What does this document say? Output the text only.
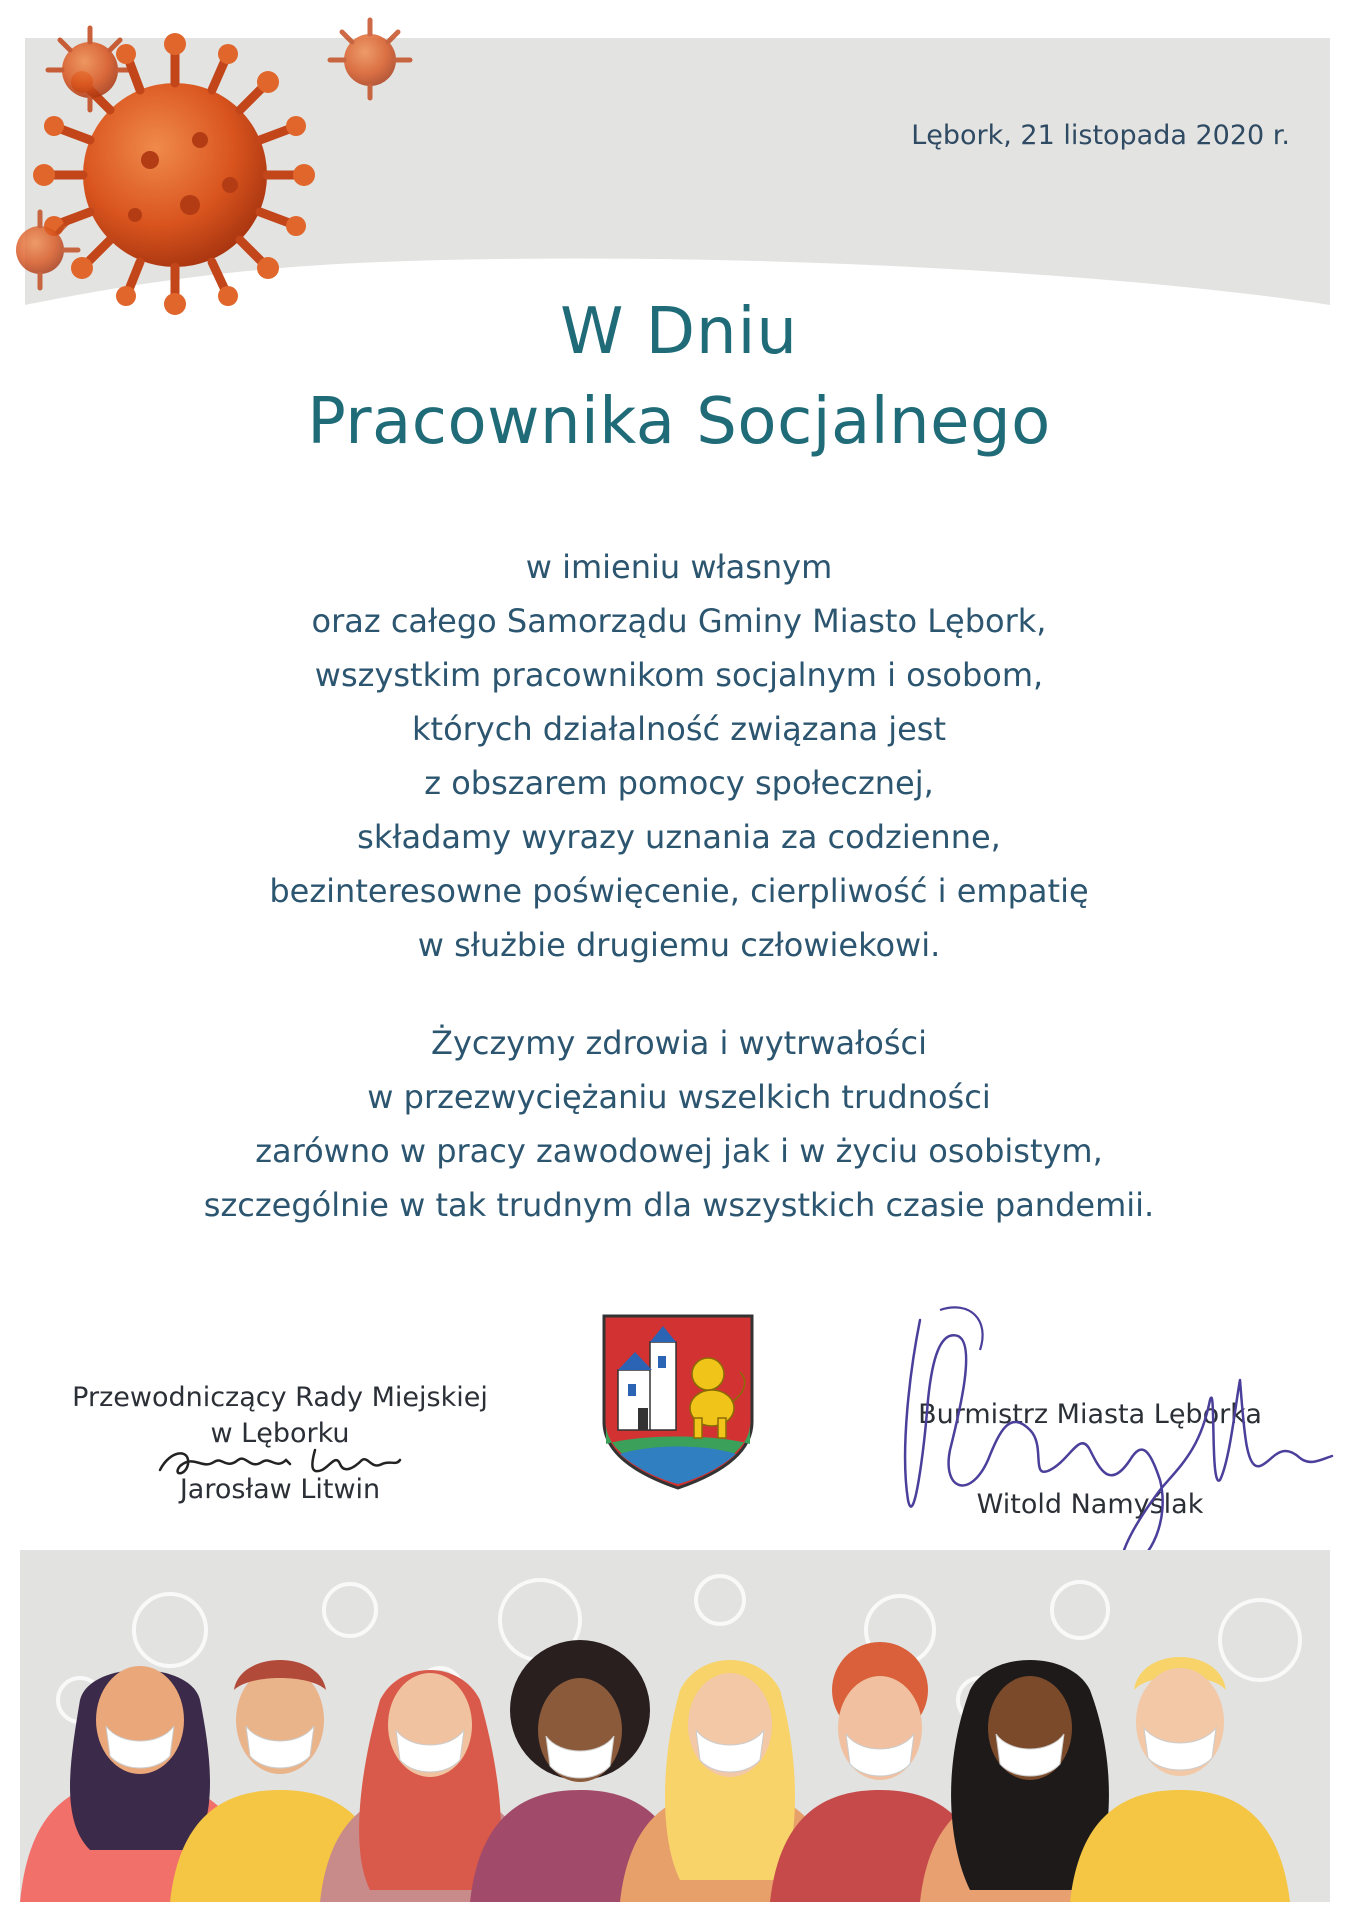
Lębork, 21 listopada 2020 r.
W Dniu
Pracownika Socjalnego
w imieniu własnym
oraz całego Samorządu Gminy Miasto Lębork,
wszystkim pracownikom socjalnym i osobom,
których działalność związana jest
z obszarem pomocy społecznej,
składamy wyrazy uznania za codzienne,
bezinteresowne poświęcenie, cierpliwość i empatię
w służbie drugiemu człowiekowi.
Życzymy zdrowia i wytrwałości
w przezwyciężaniu wszelkich trudności
zarówno w pracy zawodowej jak i w życiu osobistym,
szczególnie w tak trudnym dla wszystkich czasie pandemii.
Przewodniczący Rady Miejskiej
w Lęborku
Jarosław Litwin
Burmistrz Miasta Lęborka
Witold Namyślak
